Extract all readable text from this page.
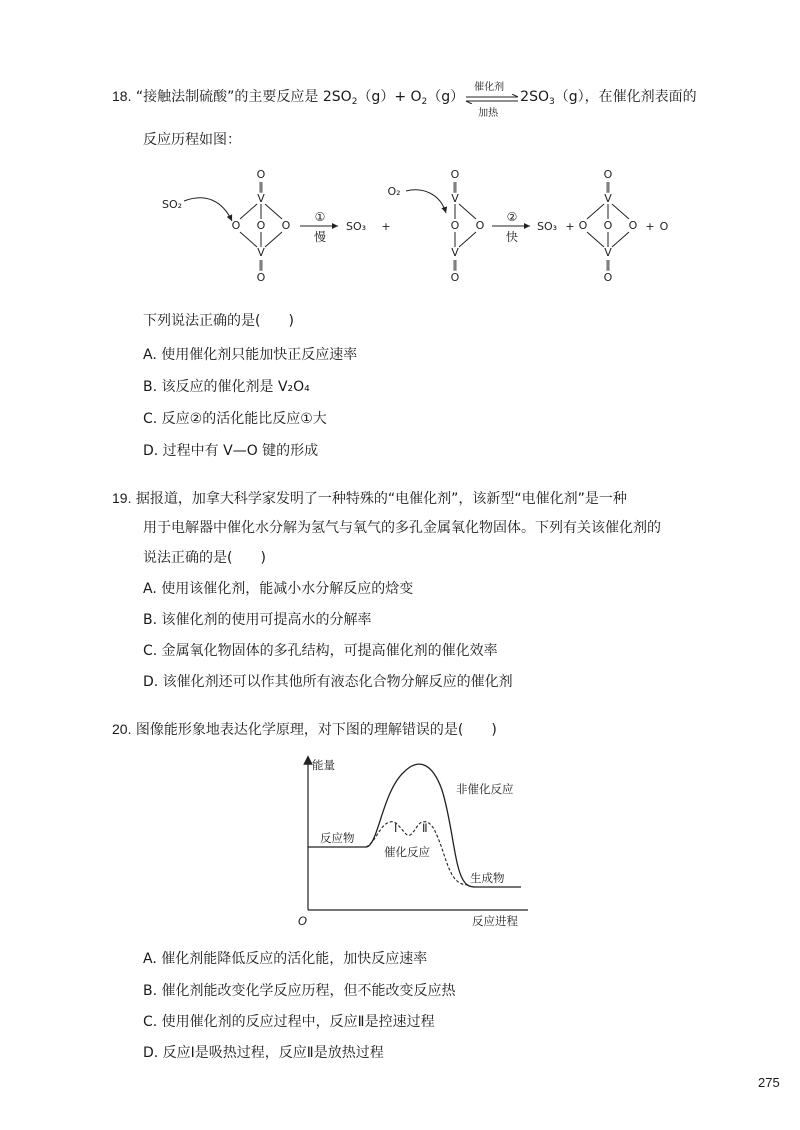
18. “接触法制硫酸”的主要反应是 $2SO_2(g)+ O_2(g)$
催化剂
加热
$2SO_3(g)$，在催化剂表面的
反应历程如图：
SO₂
O
‖
V
O O O
V
‖
O
①
慢
SO₃ +
O₂
O
‖
V
O O
V
‖
O
②
快
SO₃ +
O
‖
V
O O O
V
‖
O
+ O
下列说法正确的是(　　)
A. 使用催化剂只能加快正反应速率
B. 该反应的催化剂是 V₂O₄
C. 反应②的活化能比反应①大
D. 过程中有 V—O 键的形成
19. 据报道，加拿大科学家发明了一种特殊的“电催化剂”，该新型“电催化剂”是一种
用于电解器中催化水分解为氢气与氧气的多孔金属氧化物固体。下列有关该催化剂的
说法正确的是(　　)
A. 使用该催化剂，能减小水分解反应的焓变
B. 该催化剂的使用可提高水的分解率
C. 金属氧化物固体的多孔结构，可提高催化剂的催化效率
D. 该催化剂还可以作其他所有液态化合物分解反应的催化剂
20. 图像能形象地表达化学原理，对下图的理解错误的是(　　)
能量
非催化反应
Ⅰ Ⅱ
反应物
催化反应
生成物
O	反应进程
A. 催化剂能降低反应的活化能，加快反应速率
B. 催化剂能改变化学反应历程，但不能改变反应热
C. 使用催化剂的反应过程中，反应Ⅱ是控速过程
D. 反应Ⅰ是吸热过程，反应Ⅱ是放热过程
275
